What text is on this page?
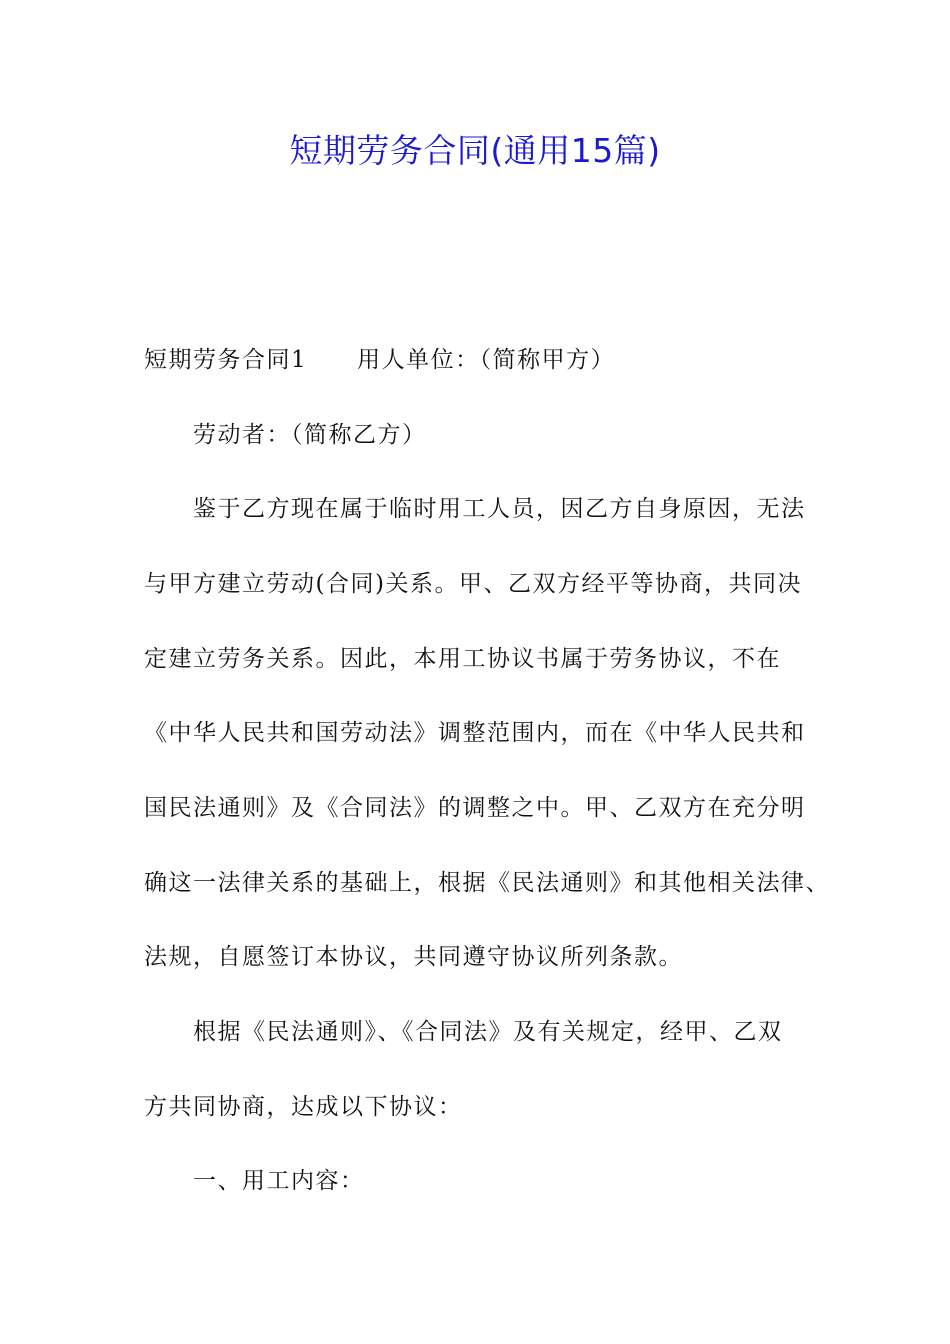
短期劳务合同(通用15篇)
短期劳务合同1 用人单位：（简称甲方）
劳动者：（简称乙方）
鉴于乙方现在属于临时用工人员，因乙方自身原因，无法
与甲方建立劳动(合同)关系。甲、乙双方经平等协商，共同决
定建立劳务关系。因此，本用工协议书属于劳务协议，不在
《中华人民共和国劳动法》调整范围内，而在《中华人民共和
国民法通则》及《合同法》的调整之中。甲、乙双方在充分明
确这一法律关系的基础上，根据《民法通则》和其他相关法律、
法规，自愿签订本协议，共同遵守协议所列条款。
根据《民法通则》、《合同法》及有关规定，经甲、乙双
方共同协商，达成以下协议：
一、用工内容：
